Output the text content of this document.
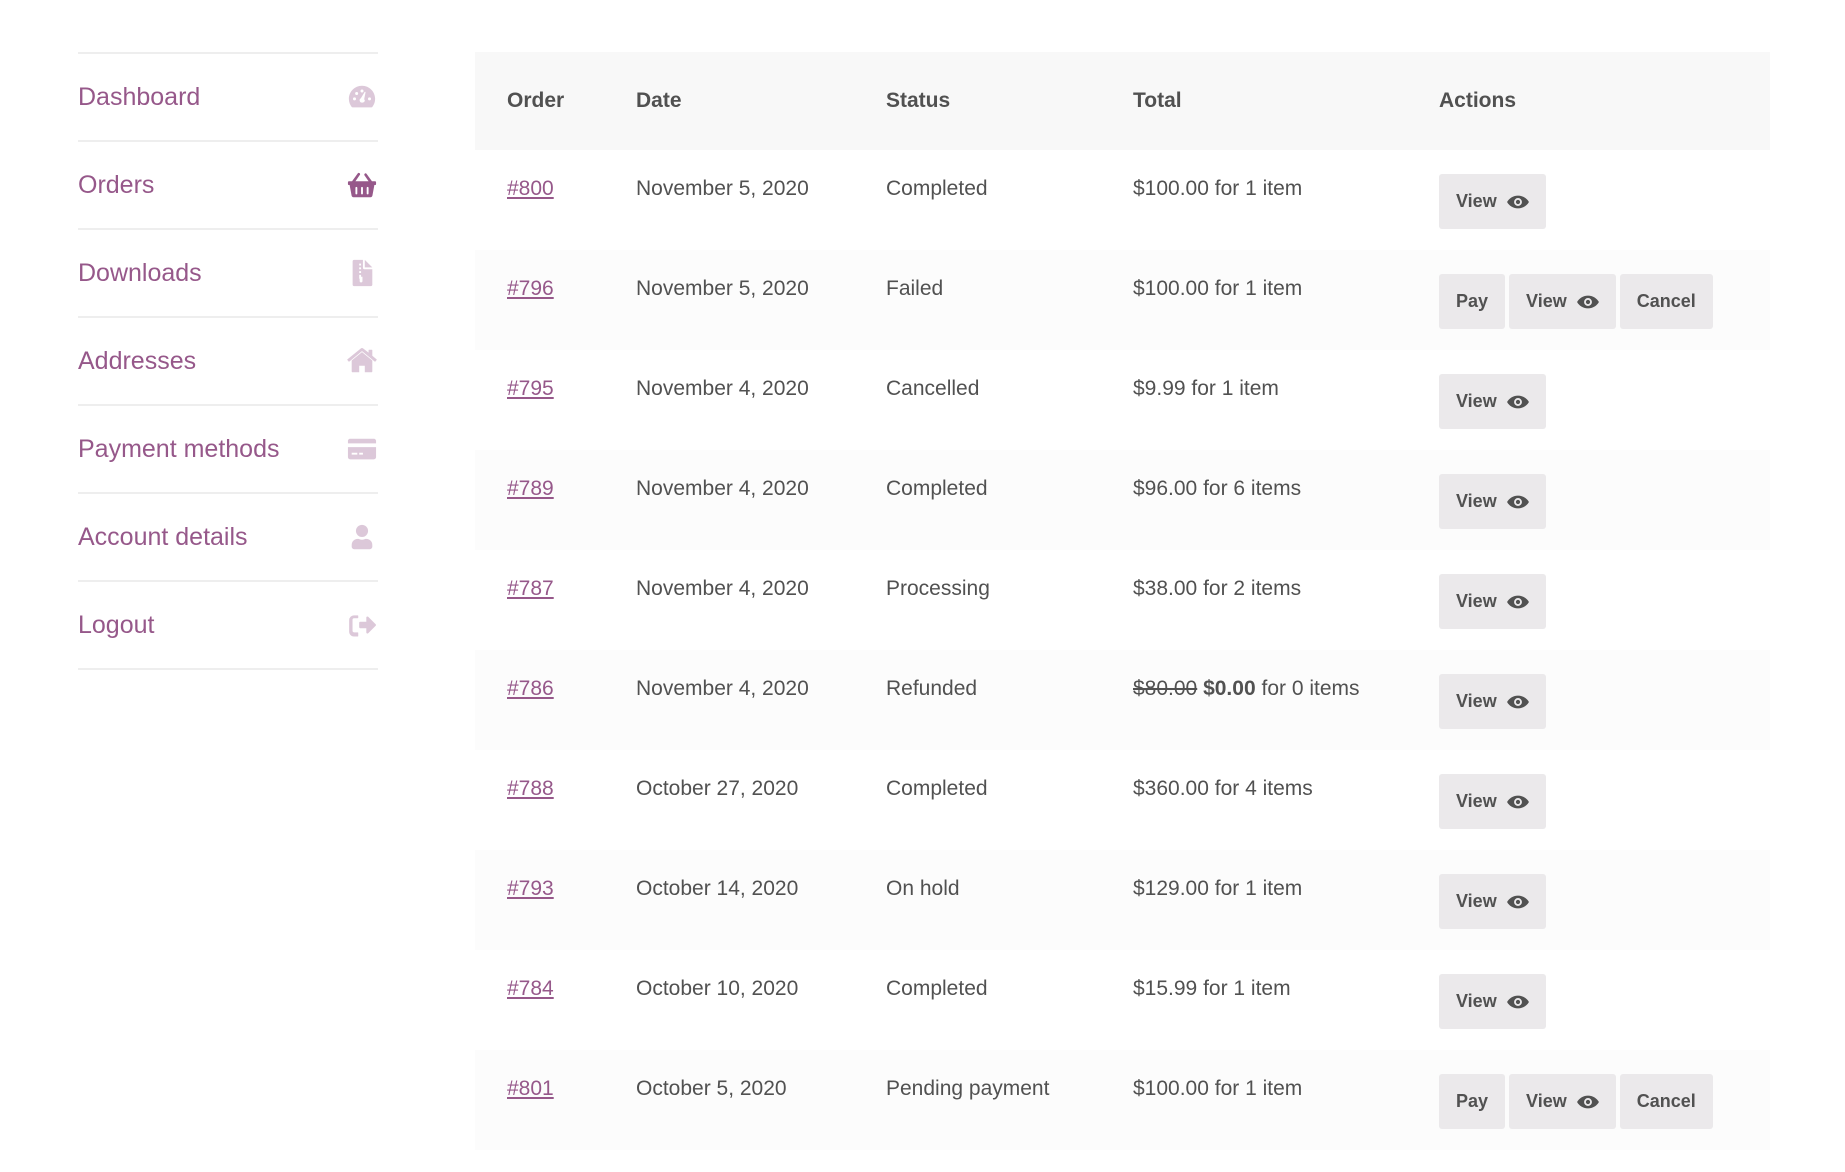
Dashboard
Orders
Downloads
Addresses
Payment methods
Account details
Logout
Order	Date	Status	Total	Actions
#800	November 5, 2020	Completed	$100.00 for 1 item	View

#796	November 5, 2020	Failed	$100.00 for 1 item	Pay View Cancel

#795	November 4, 2020	Cancelled	$9.99 for 1 item	View

#789	November 4, 2020	Completed	$96.00 for 6 items	View

#787	November 4, 2020	Processing	$38.00 for 2 items	View

#786	November 4, 2020	Refunded	$80.00 $0.00 for 0 items	View

#788	October 27, 2020	Completed	$360.00 for 4 items	View

#793	October 14, 2020	On hold	$129.00 for 1 item	View

#784	October 10, 2020	Completed	$15.99 for 1 item	View

#801	October 5, 2020	Pending payment	$100.00 for 1 item	Pay View Cancel
